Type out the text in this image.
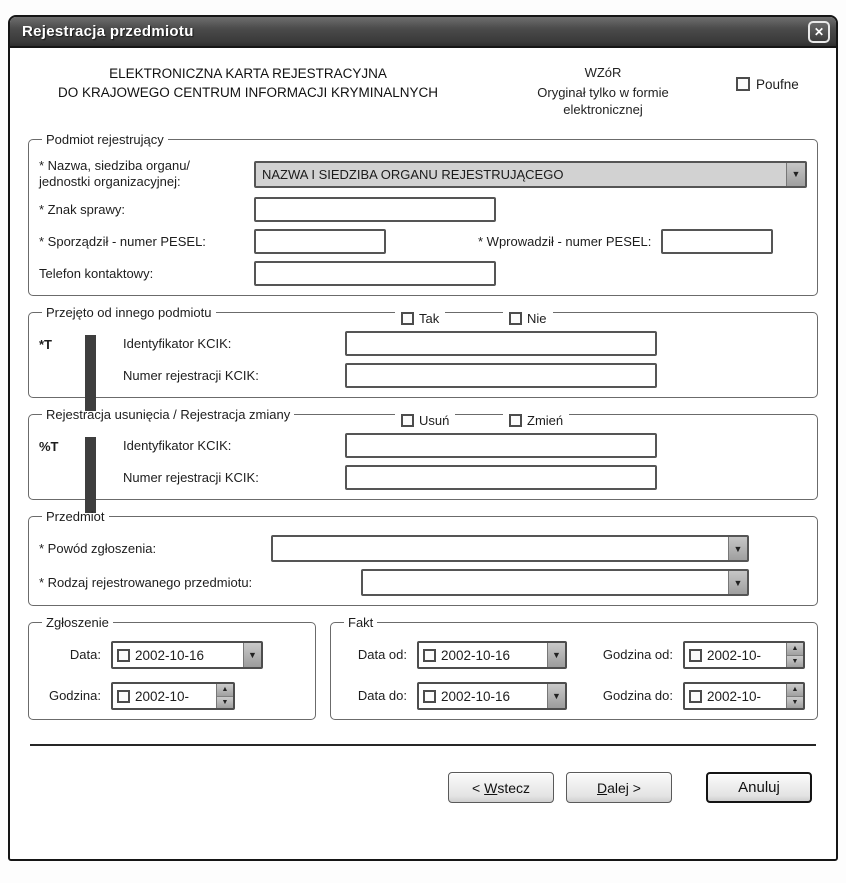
Rejestracja przedmiotu	✕
ELEKTRONICZNA KARTA REJESTRACYJNA
DO KRAJOWEGO CENTRUM INFORMACJI KRYMINALNYCH
WZóR
Oryginał tylko w formie elektronicznej
Poufne
Podmiot rejestrujący
* Nazwa, siedziba organu/
jednostki organizacyjnej:	NAZWA I SIEDZIBA ORGANU REJESTRUJĄCEGO	▼
* Znak sprawy:
* Sporządził - numer PESEL:	* Wprowadził - numer PESEL:
Telefon kontaktowy:
Przejęto od innego podmiotu	Tak	Nie
*T	Identyfikator KCIK:
Numer rejestracji KCIK:
Rejestracja usunięcia / Rejestracja zmiany	Usuń	Zmień
%T	Identyfikator KCIK:
Numer rejestracji KCIK:
Przedmiot
* Powód zgłoszenia:	▼
* Rodzaj rejestrowanego przedmiotu:	▼
Zgłoszenie
Data:	2002-10-16	▼
Godzina:	2002-10-	▲
▼
Fakt
Data od:	2002-10-16	▼	Godzina od:	2002-10-	▲
▼
Data do:	2002-10-16	▼	Godzina do:	2002-10-	▲
▼
< W stecz	D alej >	Anuluj
